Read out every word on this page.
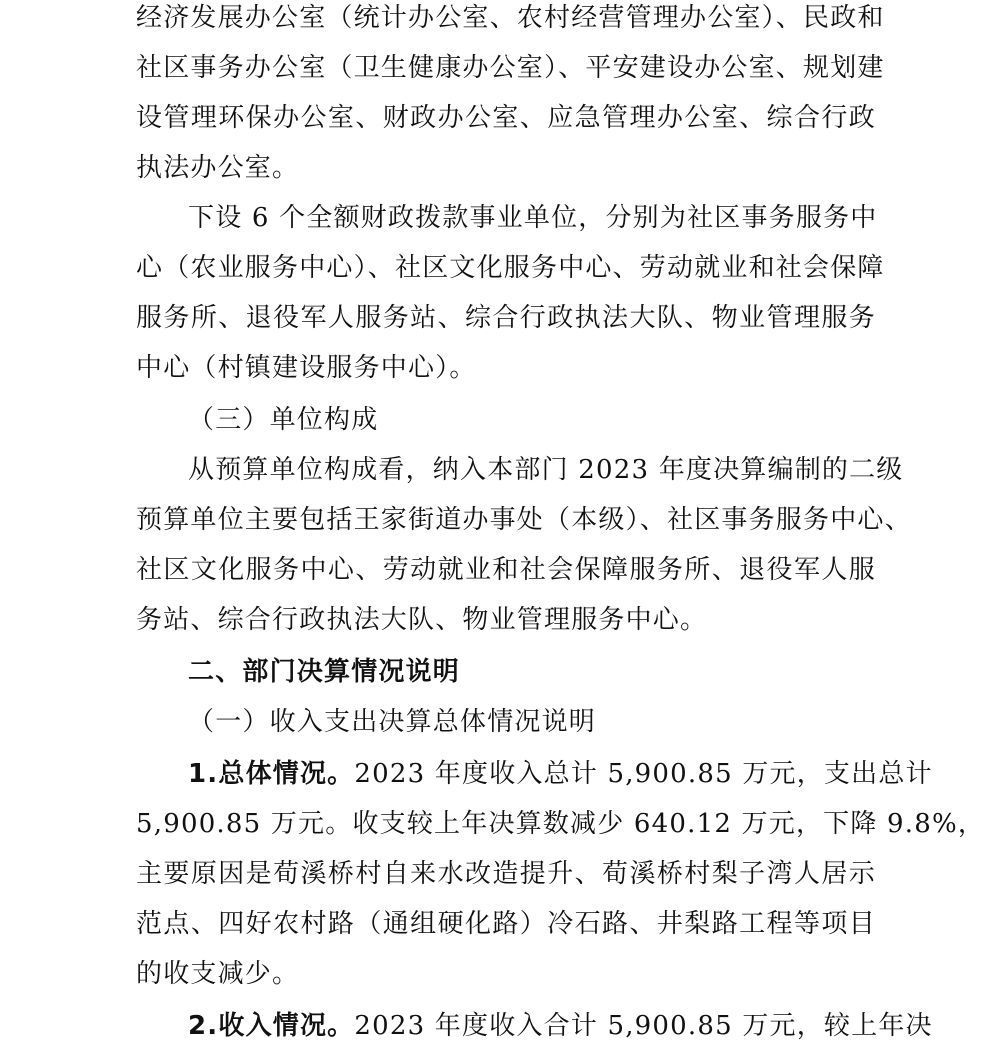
经济发展办公室（统计办公室、农村经营管理办公室）、民政和
社区事务办公室（卫生健康办公室）、平安建设办公室、规划建
设管理环保办公室、财政办公室、应急管理办公室、综合行政
执法办公室。
下设 6 个全额财政拨款事业单位，分别为社区事务服务中
心（农业服务中心）、社区文化服务中心、劳动就业和社会保障
服务所、退役军人服务站、综合行政执法大队、物业管理服务
中心（村镇建设服务中心）。
（三）单位构成
从预算单位构成看，纳入本部门 2023 年度决算编制的二级
预算单位主要包括王家街道办事处（本级）、社区事务服务中心、
社区文化服务中心、劳动就业和社会保障服务所、退役军人服
务站、综合行政执法大队、物业管理服务中心。
二、部门决算情况说明
（一）收入支出决算总体情况说明
1.总体情况。2023 年度收入总计 5,900.85 万元，支出总计
5,900.85 万元。收支较上年决算数减少 640.12 万元，下降 9.8%，
主要原因是荀溪桥村自来水改造提升、荀溪桥村梨子湾人居示
范点、四好农村路（通组硬化路）冷石路、井梨路工程等项目
的收支减少。
2.收入情况。2023 年度收入合计 5,900.85 万元，较上年决
